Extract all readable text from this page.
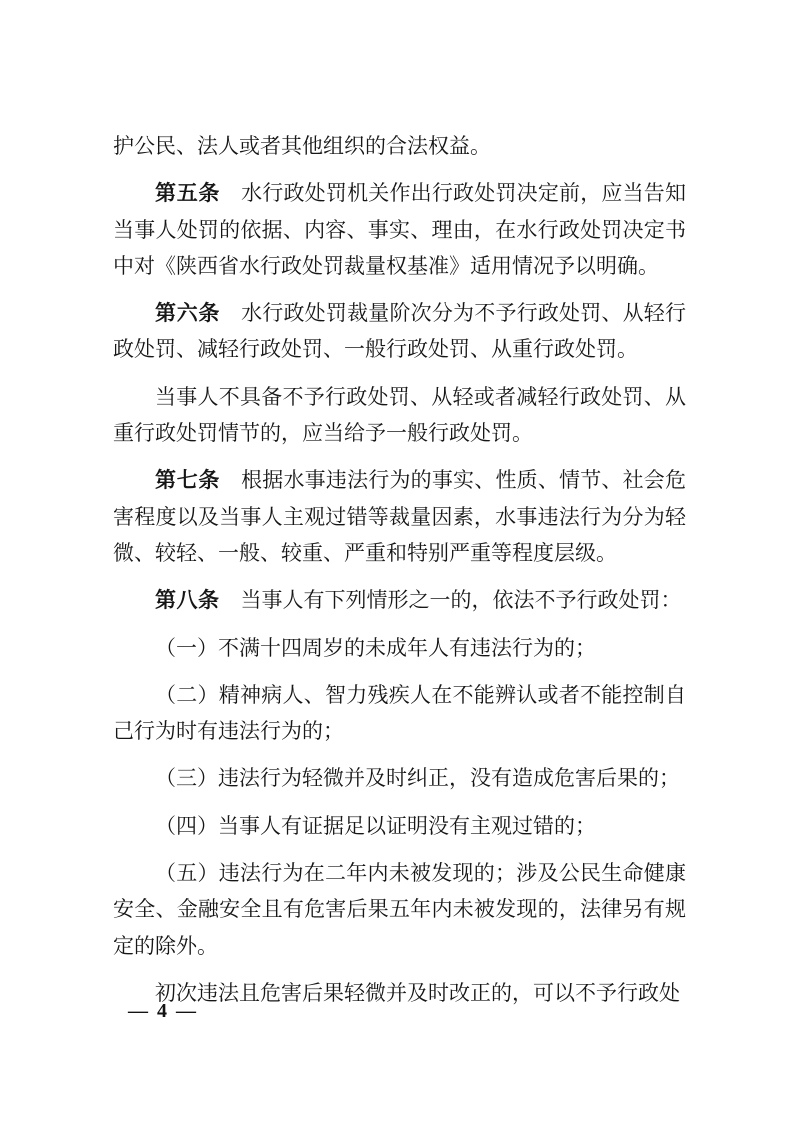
护公民、法人或者其他组织的合法权益。

第五条 水行政处罚机关作出行政处罚决定前，应当告知当事人处罚的依据、内容、事实、理由，在水行政处罚决定书中对《陕西省水行政处罚裁量权基准》适用情况予以明确。

第六条 水行政处罚裁量阶次分为不予行政处罚、从轻行政处罚、减轻行政处罚、一般行政处罚、从重行政处罚。

当事人不具备不予行政处罚、从轻或者减轻行政处罚、从重行政处罚情节的，应当给予一般行政处罚。

第七条 根据水事违法行为的事实、性质、情节、社会危害程度以及当事人主观过错等裁量因素，水事违法行为分为轻微、较轻、一般、较重、严重和特别严重等程度层级。

第八条 当事人有下列情形之一的，依法不予行政处罚：

（一）不满十四周岁的未成年人有违法行为的；

（二）精神病人、智力残疾人在不能辨认或者不能控制自己行为时有违法行为的；

（三）违法行为轻微并及时纠正，没有造成危害后果的；

（四）当事人有证据足以证明没有主观过错的；

（五）违法行为在二年内未被发现的；涉及公民生命健康安全、金融安全且有危害后果五年内未被发现的，法律另有规定的除外。

初次违法且危害后果轻微并及时改正的，可以不予行政处

— 4 —
